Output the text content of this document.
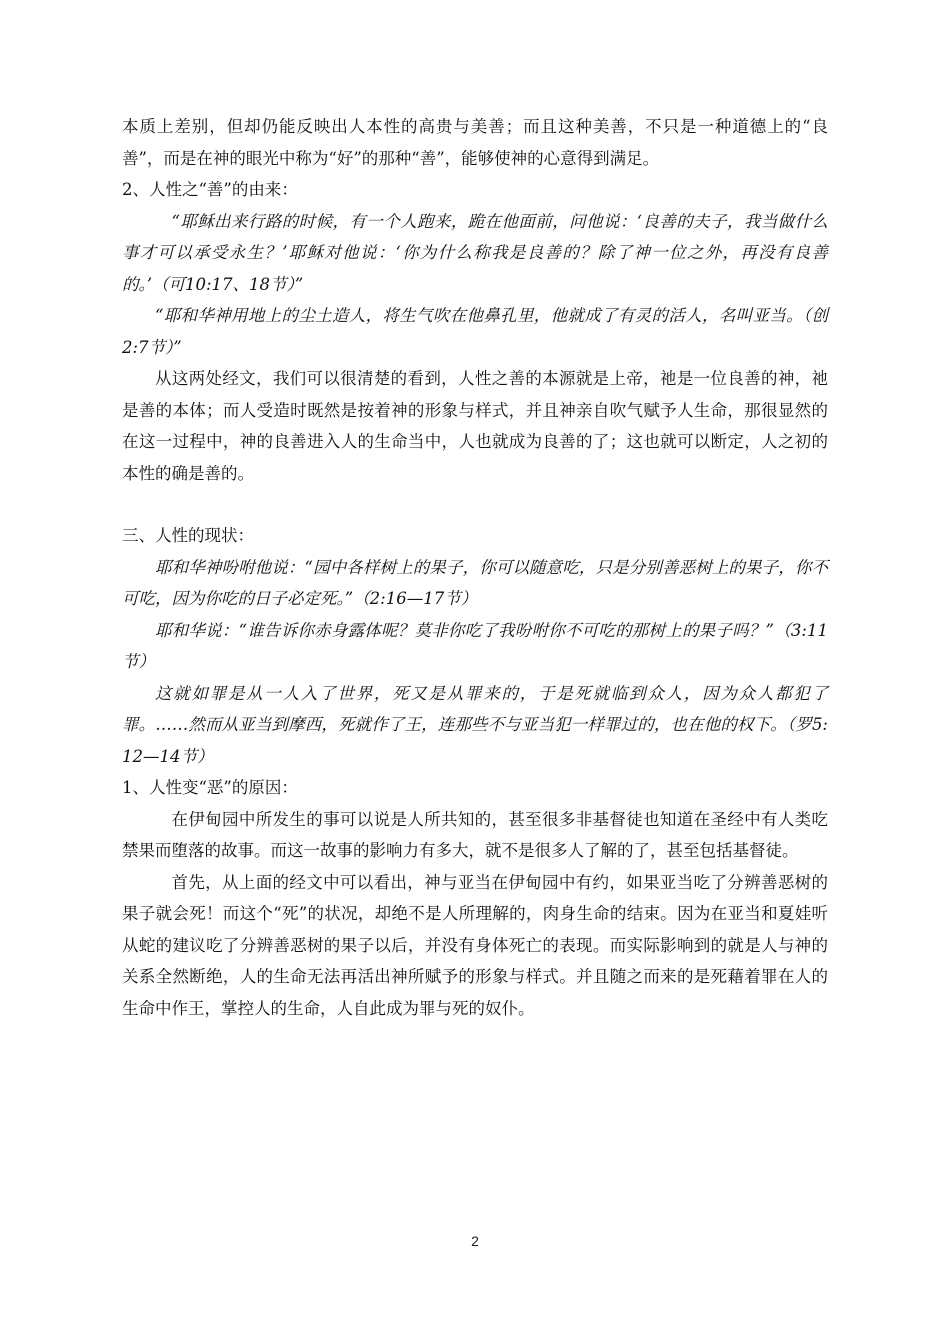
本质上差别，但却仍能反映出人本性的高贵与美善；而且这种美善，不只是一种道德上的“良善”，而是在神的眼光中称为“好”的那种“善”，能够使神的心意得到满足。

2、人性之“善”的由来：

“耶稣出来行路的时候，有一个人跑来，跪在他面前，问他说：‘良善的夫子，我当做什么事才可以承受永生？’耶稣对他说：‘你为什么称我是良善的？除了神一位之外，再没有良善的。’（可10:17、18节）”

“耶和华神用地上的尘土造人，将生气吹在他鼻孔里，他就成了有灵的活人，名叫亚当。（创2:7节）”

从这两处经文，我们可以很清楚的看到，人性之善的本源就是上帝，祂是一位良善的神，祂是善的本体；而人受造时既然是按着神的形象与样式，并且神亲自吹气赋予人生命，那很显然的在这一过程中，神的良善进入人的生命当中，人也就成为良善的了；这也就可以断定，人之初的本性的确是善的。

三、人性的现状：

耶和华神吩咐他说：“园中各样树上的果子，你可以随意吃，只是分别善恶树上的果子，你不可吃，因为你吃的日子必定死。”（2:16—17节）

耶和华说：“谁告诉你赤身露体呢？莫非你吃了我吩咐你不可吃的那树上的果子吗？”（3:11节）

这就如罪是从一人入了世界，死又是从罪来的，于是死就临到众人，因为众人都犯了罪。……然而从亚当到摩西，死就作了王，连那些不与亚当犯一样罪过的，也在他的权下。（罗5:12—14节）

1、人性变“恶”的原因：

在伊甸园中所发生的事可以说是人所共知的，甚至很多非基督徒也知道在圣经中有人类吃禁果而堕落的故事。而这一故事的影响力有多大，就不是很多人了解的了，甚至包括基督徒。

首先，从上面的经文中可以看出，神与亚当在伊甸园中有约，如果亚当吃了分辨善恶树的果子就会死！而这个“死”的状况，却绝不是人所理解的，肉身生命的结束。因为在亚当和夏娃听从蛇的建议吃了分辨善恶树的果子以后，并没有身体死亡的表现。而实际影响到的就是人与神的关系全然断绝，人的生命无法再活出神所赋予的形象与样式。并且随之而来的是死藉着罪在人的生命中作王，掌控人的生命，人自此成为罪与死的奴仆。

2
